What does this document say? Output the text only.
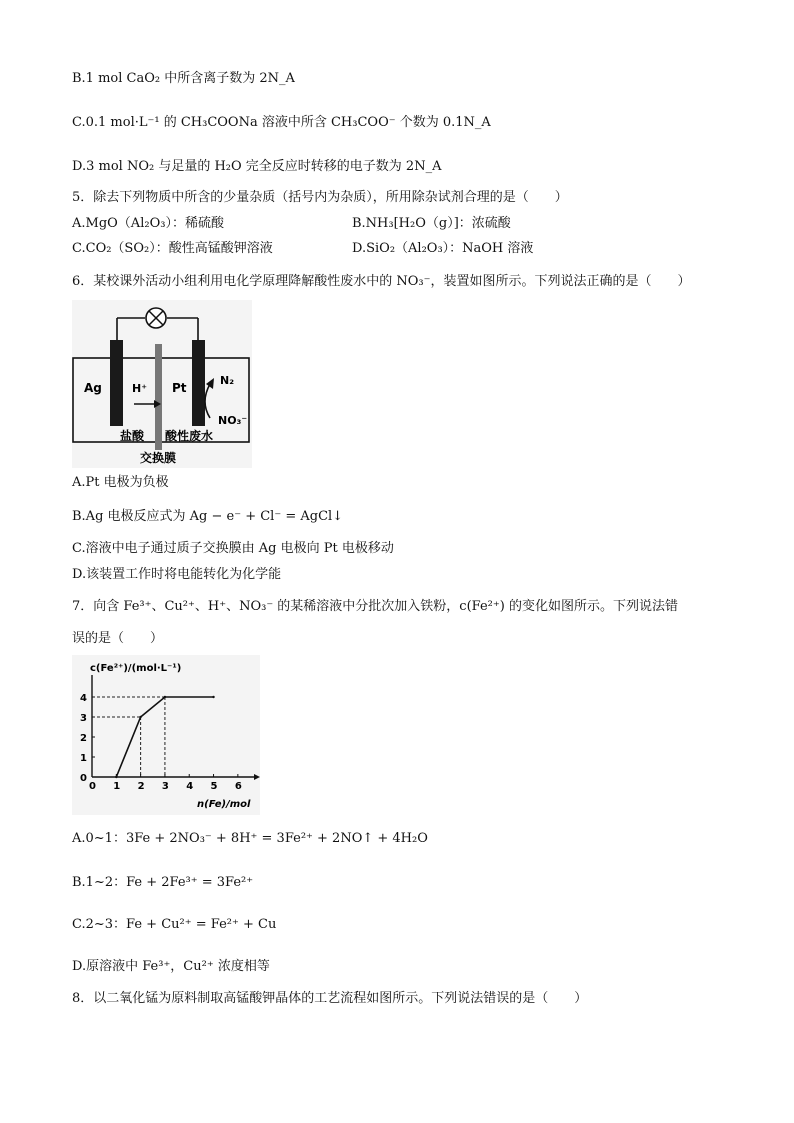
B.1 mol CaO₂ 中所含离子数为 2N_A
C.0.1 mol·L⁻¹ 的 CH₃COONa 溶液中所含 CH₃COO⁻ 个数为 0.1N_A
D.3 mol NO₂ 与足量的 H₂O 完全反应时转移的电子数为 2N_A
5．除去下列物质中所含的少量杂质（括号内为杂质），所用除杂试剂合理的是（　　）
A.MgO（Al₂O₃）：稀硫酸	B.NH₃[H₂O（g）]：浓硫酸
C.CO₂（SO₂）：酸性高锰酸钾溶液	D.SiO₂（Al₂O₃）：NaOH 溶液
6．某校课外活动小组利用电化学原理降解酸性废水中的 NO₃⁻，装置如图所示。下列说法正确的是（　　）
Ag	H⁺ Pt
N₂
NO₃⁻
盐酸 酸性废水
交换膜
A.Pt 电极为负极
B.Ag 电极反应式为 Ag − e⁻ + Cl⁻ = AgCl↓
C.溶液中电子通过质子交换膜由 Ag 电极向 Pt 电极移动
D.该装置工作时将电能转化为化学能
7．向含 Fe³⁺、Cu²⁺、H⁺、NO₃⁻ 的某稀溶液中分批次加入铁粉，c(Fe²⁺) 的变化如图所示。下列说法错
误的是（　　）
c(Fe²⁺)/(mol·L⁻¹)
n(Fe)/mol
0 1 2 3 4 5 6
1
2
3
4
0
A.0~1：3Fe + 2NO₃⁻ + 8H⁺ = 3Fe²⁺ + 2NO↑ + 4H₂O
B.1~2：Fe + 2Fe³⁺ = 3Fe²⁺
C.2~3：Fe + Cu²⁺ = Fe²⁺ + Cu
D.原溶液中 Fe³⁺，Cu²⁺ 浓度相等
8．以二氧化锰为原料制取高锰酸钾晶体的工艺流程如图所示。下列说法错误的是（　　）
